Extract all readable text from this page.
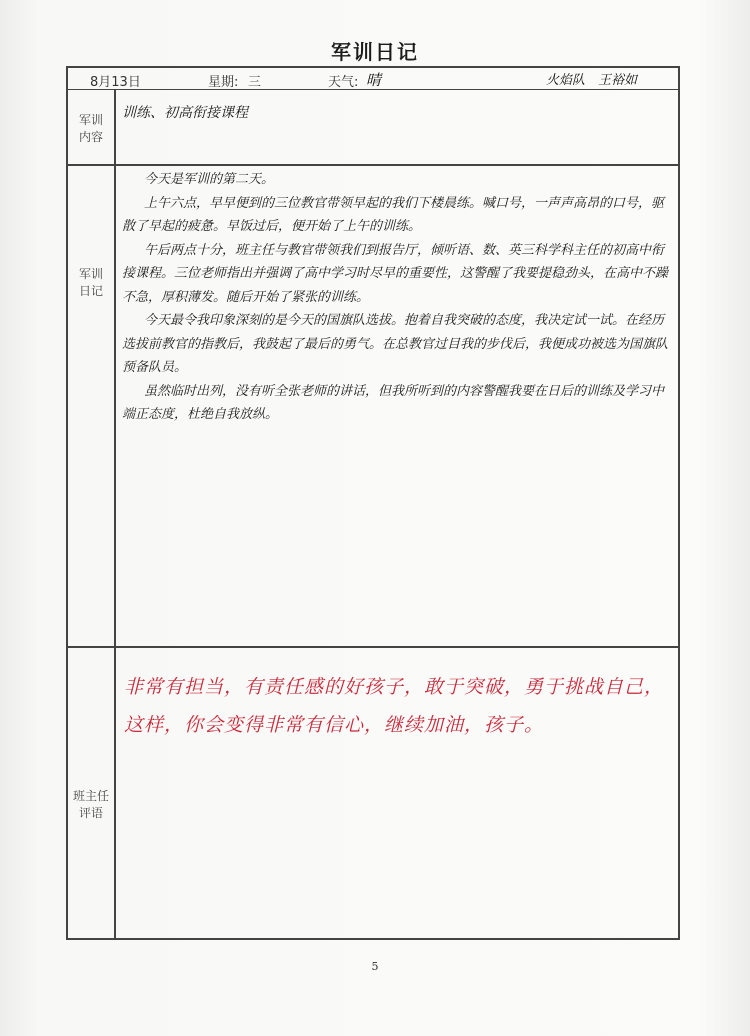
军训日记
8月13日	星期: 三	天气: 晴	火焰队 王裕如
军训
内容
训练、初高衔接课程
军训
日记

今天是军训的第二天。

上午六点，早早便到的三位教官带领早起的我们下楼晨练。喊口号，一声声高昂的口号，驱散了早起的疲惫。早饭过后，便开始了上午的训练。

午后两点十分，班主任与教官带领我们到报告厅，倾听语、数、英三科学科主任的初高中衔接课程。三位老师指出并强调了高中学习时尽早的重要性，这警醒了我要提稳劲头，在高中不躁不急，厚积薄发。随后开始了紧张的训练。

今天最令我印象深刻的是今天的国旗队选拔。抱着自我突破的态度，我决定试一试。在经历选拔前教官的指教后，我鼓起了最后的勇气。在总教官过目我的步伐后，我便成功被选为国旗队预备队员。

虽然临时出列，没有听全张老师的讲话，但我所听到的内容警醒我要在日后的训练及学习中端正态度，杜绝自我放纵。

班主任
评语
非常有担当，有责任感的好孩子，敢于突破，勇于挑战自己，这样，你会变得非常有信心，继续加油，孩子。
5
